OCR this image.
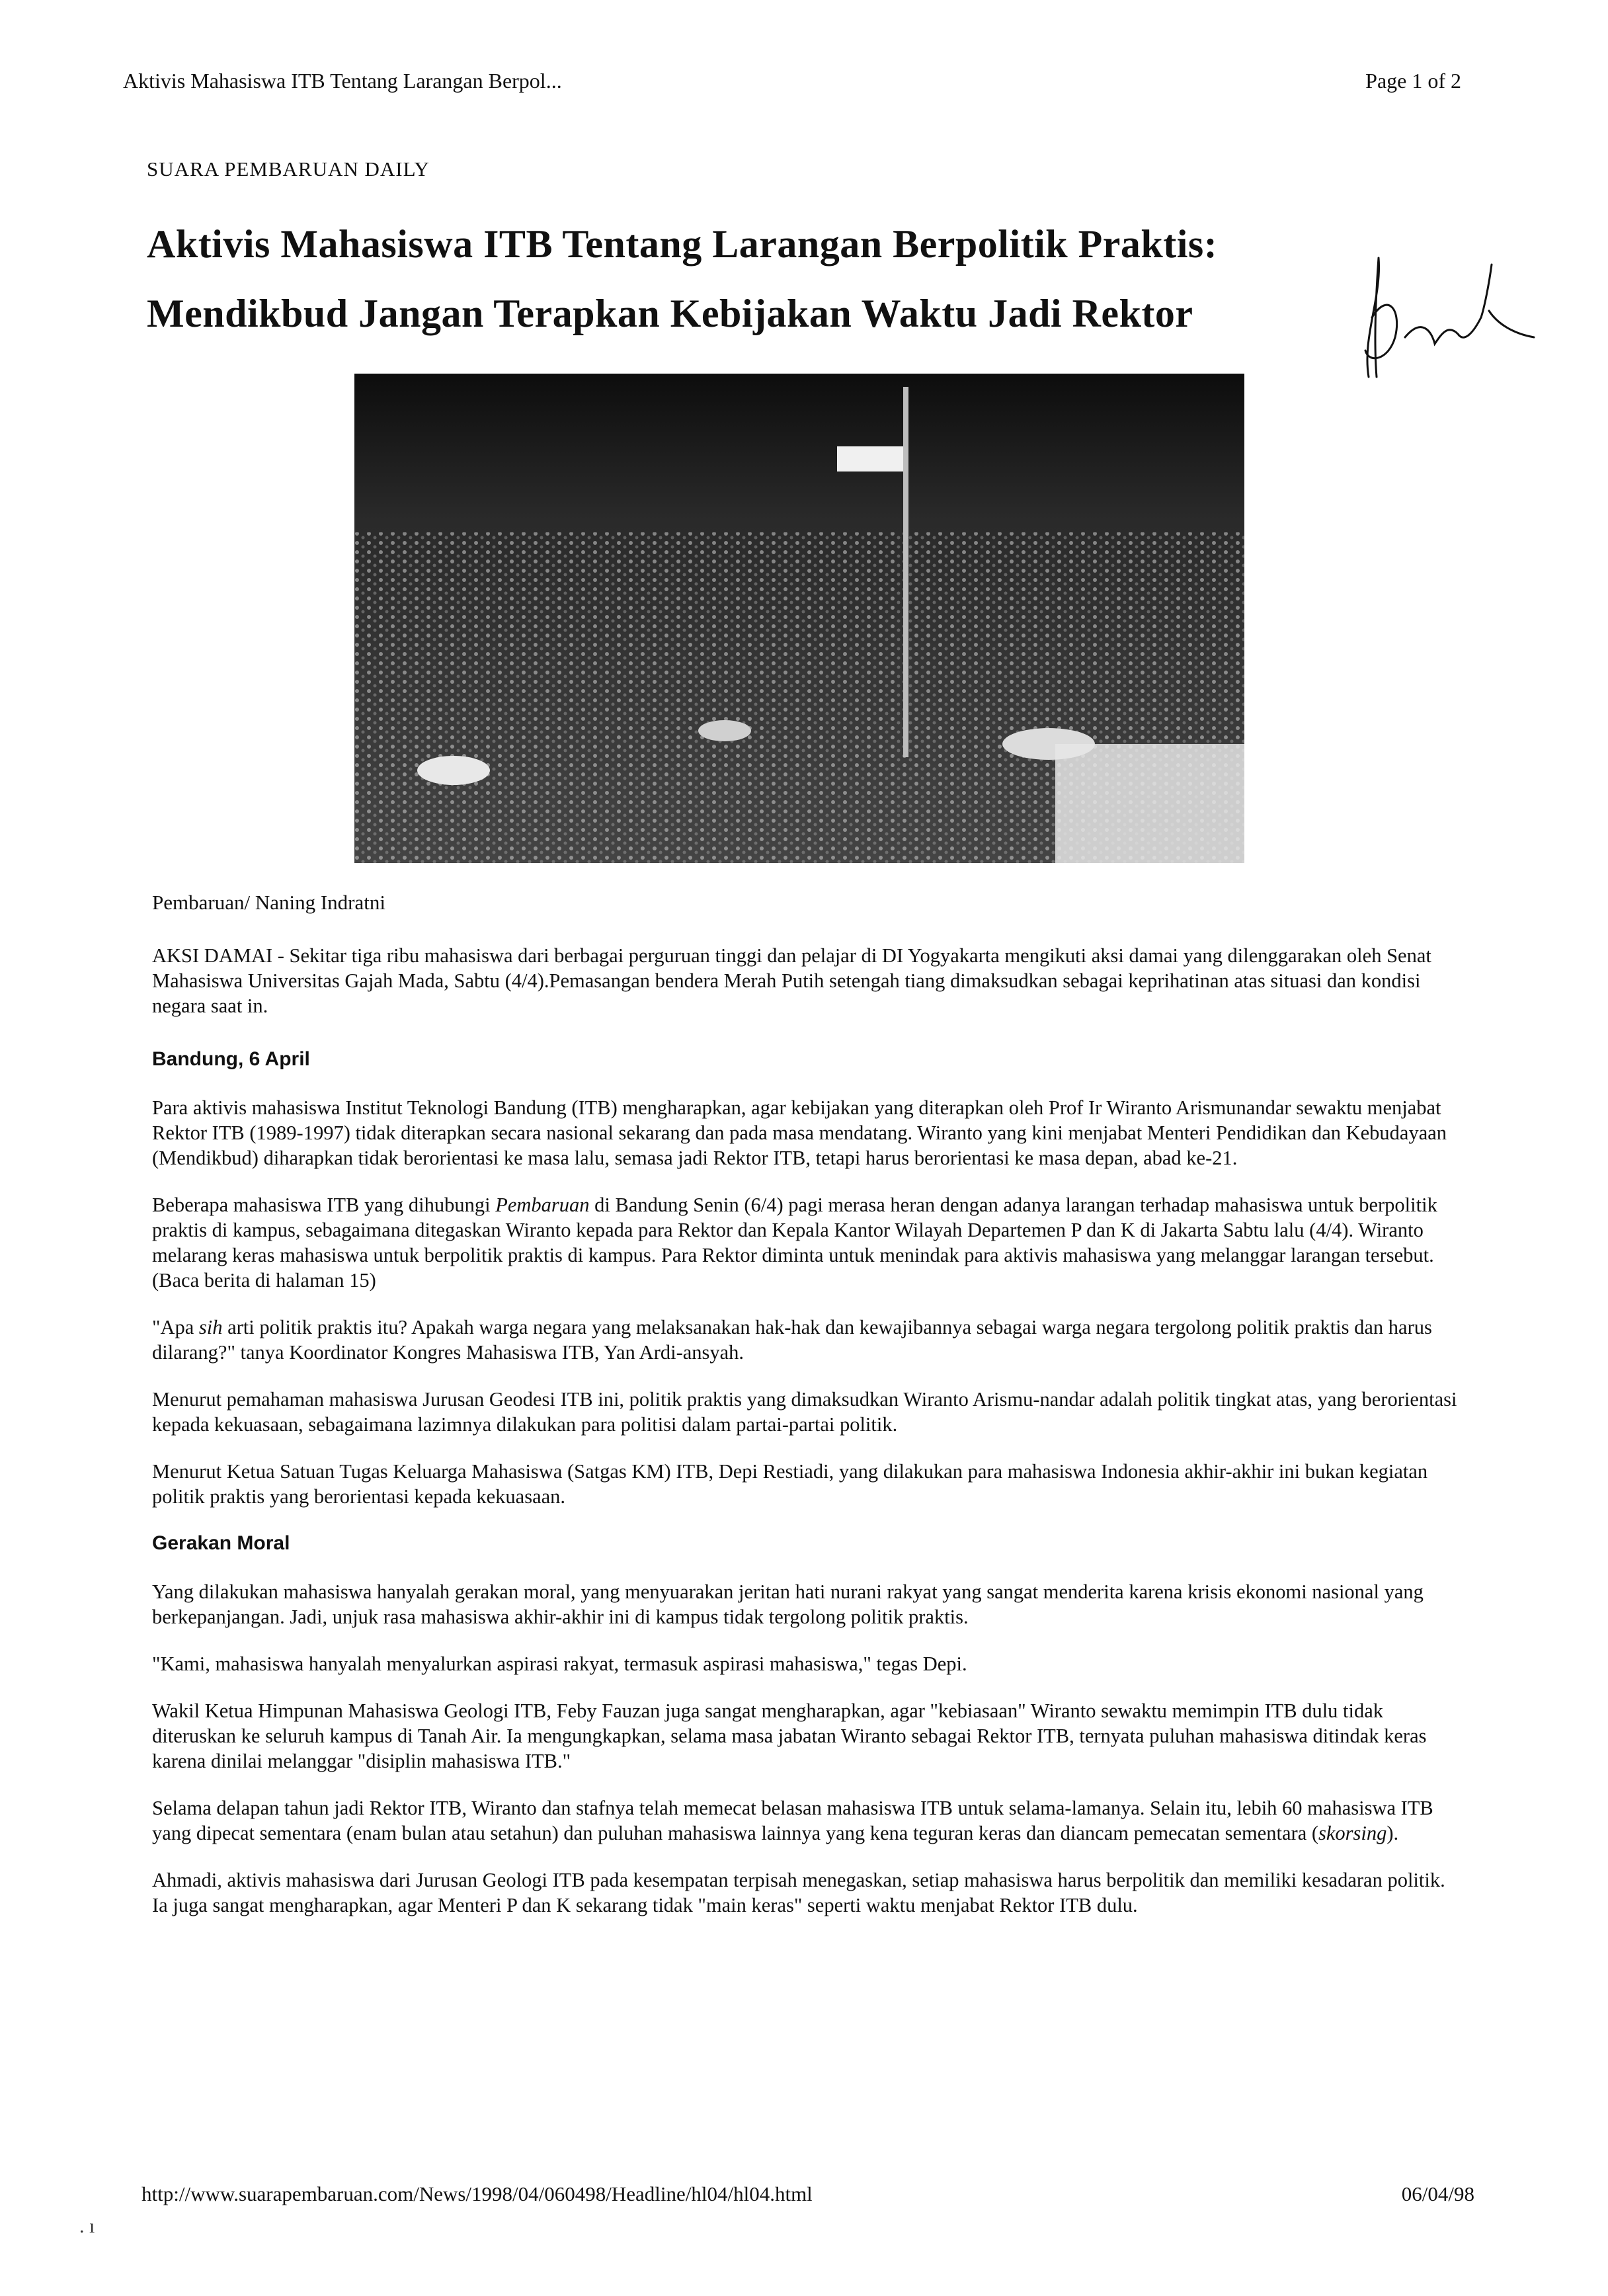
Aktivis Mahasiswa ITB Tentang Larangan Berpol...	Page 1 of 2
SUARA PEMBARUAN DAILY
Aktivis Mahasiswa ITB Tentang Larangan Berpolitik Praktis:
Mendikbud Jangan Terapkan Kebijakan Waktu Jadi Rektor
Pembaruan/ Naning Indratni

AKSI DAMAI - Sekitar tiga ribu mahasiswa dari berbagai perguruan tinggi dan pelajar di DI Yogyakarta mengikuti aksi damai yang dilenggarakan oleh Senat Mahasiswa Universitas Gajah Mada, Sabtu (4/4).Pemasangan bendera Merah Putih setengah tiang dimaksudkan sebagai keprihatinan atas situasi dan kondisi negara saat in.

Bandung, 6 April

Para aktivis mahasiswa Institut Teknologi Bandung (ITB) mengharapkan, agar kebijakan yang diterapkan oleh Prof Ir Wiranto Arismunandar sewaktu menjabat Rektor ITB (1989-1997) tidak diterapkan secara nasional sekarang dan pada masa mendatang. Wiranto yang kini menjabat Menteri Pendidikan dan Kebudayaan (Mendikbud) diharapkan tidak berorientasi ke masa lalu, semasa jadi Rektor ITB, tetapi harus berorientasi ke masa depan, abad ke-21.

Beberapa mahasiswa ITB yang dihubungi Pembaruan di Bandung Senin (6/4) pagi merasa heran dengan adanya larangan terhadap mahasiswa untuk berpolitik praktis di kampus, sebagaimana ditegaskan Wiranto kepada para Rektor dan Kepala Kantor Wilayah Departemen P dan K di Jakarta Sabtu lalu (4/4). Wiranto melarang keras mahasiswa untuk berpolitik praktis di kampus. Para Rektor diminta untuk menindak para aktivis mahasiswa yang melanggar larangan tersebut.(Baca berita di halaman 15)

"Apa sih arti politik praktis itu? Apakah warga negara yang melaksanakan hak-hak dan kewajibannya sebagai warga negara tergolong politik praktis dan harus dilarang?" tanya Koordinator Kongres Mahasiswa ITB, Yan Ardi-ansyah.

Menurut pemahaman mahasiswa Jurusan Geodesi ITB ini, politik praktis yang dimaksudkan Wiranto Arismu-nandar adalah politik tingkat atas, yang berorientasi kepada kekuasaan, sebagaimana lazimnya dilakukan para politisi dalam partai-partai politik.

Menurut Ketua Satuan Tugas Keluarga Mahasiswa (Satgas KM) ITB, Depi Restiadi, yang dilakukan para mahasiswa Indonesia akhir-akhir ini bukan kegiatan politik praktis yang berorientasi kepada kekuasaan.

Gerakan Moral

Yang dilakukan mahasiswa hanyalah gerakan moral, yang menyuarakan jeritan hati nurani rakyat yang sangat menderita karena krisis ekonomi nasional yang berkepanjangan. Jadi, unjuk rasa mahasiswa akhir-akhir ini di kampus tidak tergolong politik praktis.

"Kami, mahasiswa hanyalah menyalurkan aspirasi rakyat, termasuk aspirasi mahasiswa," tegas Depi.

Wakil Ketua Himpunan Mahasiswa Geologi ITB, Feby Fauzan juga sangat mengharapkan, agar "kebiasaan" Wiranto sewaktu memimpin ITB dulu tidak diteruskan ke seluruh kampus di Tanah Air. Ia mengungkapkan, selama masa jabatan Wiranto sebagai Rektor ITB, ternyata puluhan mahasiswa ditindak keras karena dinilai melanggar "disiplin mahasiswa ITB."

Selama delapan tahun jadi Rektor ITB, Wiranto dan stafnya telah memecat belasan mahasiswa ITB untuk selama-lamanya. Selain itu, lebih 60 mahasiswa ITB yang dipecat sementara (enam bulan atau setahun) dan puluhan mahasiswa lainnya yang kena teguran keras dan diancam pemecatan sementara (skorsing).

Ahmadi, aktivis mahasiswa dari Jurusan Geologi ITB pada kesempatan terpisah menegaskan, setiap mahasiswa harus berpolitik dan memiliki kesadaran politik. Ia juga sangat mengharapkan, agar Menteri P dan K sekarang tidak "main keras" seperti waktu menjabat Rektor ITB dulu.

http://www.suarapembaruan.com/News/1998/04/060498/Headline/hl04/hl04.html	06/04/98
. ı
